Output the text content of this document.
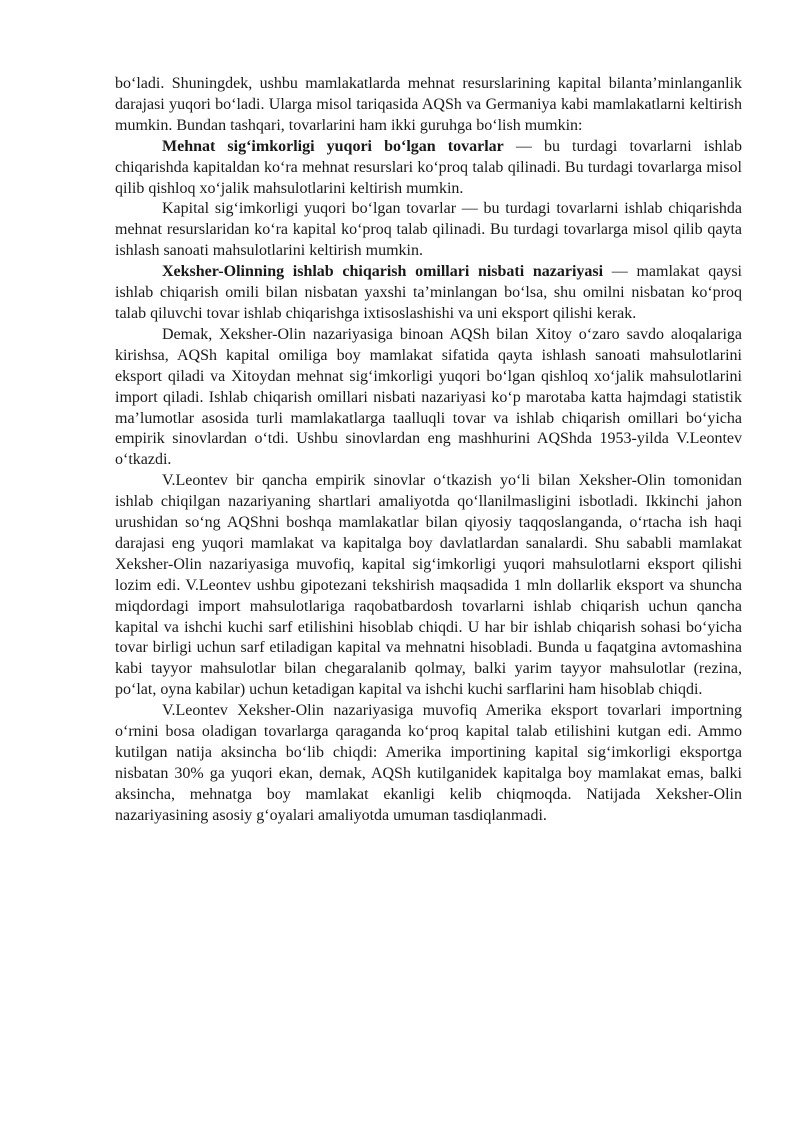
bo‘ladi. Shuningdek, ushbu mamlakatlarda mehnat resurslarining kapital bilanta’minlanganlik darajasi yuqori bo‘ladi. Ularga misol tariqasida AQSh va Germaniya kabi mamlakatlarni keltirish mumkin. Bundan tashqari, tovarlarini ham ikki guruhga bo‘lish mumkin:

Mehnat sig‘imkorligi yuqori bo‘lgan tovarlar — bu turdagi tovarlarni ishlab chiqarishda kapitaldan ko‘ra mehnat resurslari ko‘proq talab qilinadi. Bu turdagi tovarlarga misol qilib qishloq xo‘jalik mahsulotlarini keltirish mumkin.

Kapital sig‘imkorligi yuqori bo‘lgan tovarlar — bu turdagi tovarlarni ishlab chiqarishda mehnat resurslaridan ko‘ra kapital ko‘proq talab qilinadi. Bu turdagi tovarlarga misol qilib qayta ishlash sanoati mahsulotlarini keltirish mumkin.

Xeksher-Olinning ishlab chiqarish omillari nisbati nazariyasi — mamlakat qaysi ishlab chiqarish omili bilan nisbatan yaxshi ta’minlangan bo‘lsa, shu omilni nisbatan ko‘proq talab qiluvchi tovar ishlab chiqarishga ixtisoslashishi va uni eksport qilishi kerak.

Demak, Xeksher-Olin nazariyasiga binoan AQSh bilan Xitoy o‘zaro savdo aloqalariga kirishsa, AQSh kapital omiliga boy mamlakat sifatida qayta ishlash sanoati mahsulotlarini eksport qiladi va Xitoydan mehnat sig‘imkorligi yuqori bo‘lgan qishloq xo‘jalik mahsulotlarini import qiladi. Ishlab chiqarish omillari nisbati nazariyasi ko‘p marotaba katta hajmdagi statistik ma’lumotlar asosida turli mamlakatlarga taalluqli tovar va ishlab chiqarish omillari bo‘yicha empirik sinovlardan o‘tdi. Ushbu sinovlardan eng mashhurini AQShda 1953-yilda V.Leontev o‘tkazdi.

V.Leontev bir qancha empirik sinovlar o‘tkazish yo‘li bilan Xeksher-Olin tomonidan ishlab chiqilgan nazariyaning shartlari amaliyotda qo‘llanilmasligini isbotladi. Ikkinchi jahon urushidan so‘ng AQShni boshqa mamlakatlar bilan qiyosiy taqqoslanganda, o‘rtacha ish haqi darajasi eng yuqori mamlakat va kapitalga boy davlatlardan sanalardi. Shu sababli mamlakat Xeksher-Olin nazariyasiga muvofiq, kapital sig‘imkorligi yuqori mahsulotlarni eksport qilishi lozim edi. V.Leontev ushbu gipotezani tekshirish maqsadida 1 mln dollarlik eksport va shuncha miqdordagi import mahsulotlariga raqobatbardosh tovarlarni ishlab chiqarish uchun qancha kapital va ishchi kuchi sarf etilishini hisoblab chiqdi. U har bir ishlab chiqarish sohasi bo‘yicha tovar birligi uchun sarf etiladigan kapital va mehnatni hisobladi. Bunda u faqatgina avtomashina kabi tayyor mahsulotlar bilan chegaralanib qolmay, balki yarim tayyor mahsulotlar (rezina, po‘lat, oyna kabilar) uchun ketadigan kapital va ishchi kuchi sarflarini ham hisoblab chiqdi.

V.Leontev Xeksher-Olin nazariyasiga muvofiq Amerika eksport tovarlari importning o‘rnini bosa oladigan tovarlarga qaraganda ko‘proq kapital talab etilishini kutgan edi. Ammo kutilgan natija aksincha bo‘lib chiqdi: Amerika importining kapital sig‘imkorligi eksportga nisbatan 30% ga yuqori ekan, demak, AQSh kutilganidek kapitalga boy mamlakat emas, balki aksincha, mehnatga boy mamlakat ekanligi kelib chiqmoqda. Natijada Xeksher-Olin nazariyasining asosiy g‘oyalari amaliyotda umuman tasdiqlanmadi.
